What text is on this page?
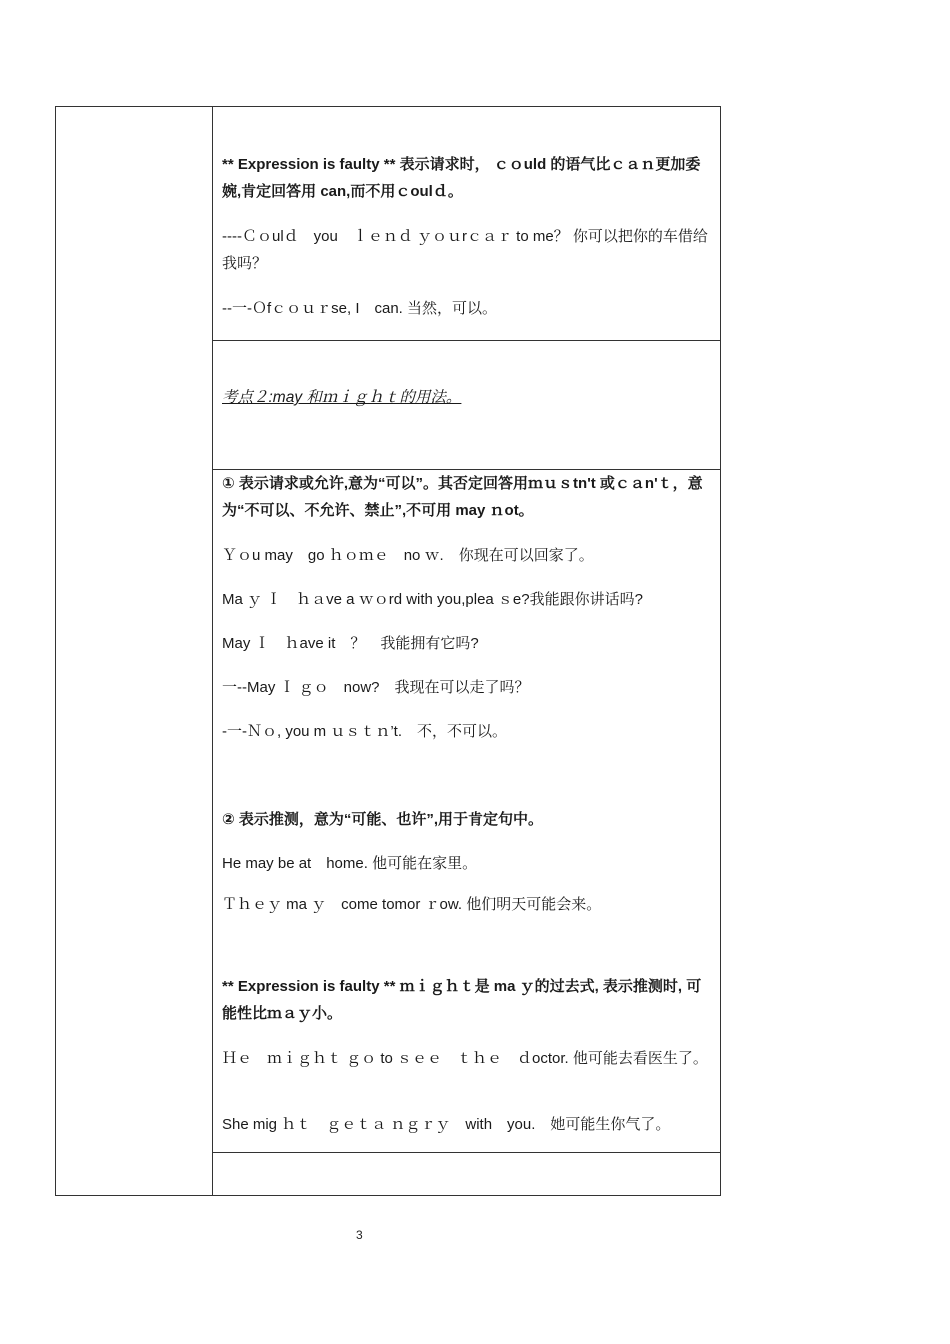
** Expression is faulty ** 表示请求时， ｃｏuld 的语气比ｃａｎ更加委婉,肯定回答用 can,而不用ｃoulｄ。
----Ｃｏulｄ　you　ｌｅｎｄ ｙｏｕrｃａｒ to me？ 你可以把你的车借给我吗？
--一-Ｏfｃｏｕｒse, I　can. 当然，可以。
考点２:may 和ｍｉｇｈｔ的用法。
① 表示请求或允许,意为“可以”。其否定回答用ｍｕｓtn't 或ｃａn'ｔ，意为“不可以、不允许、禁止”,不可用 may ｎot。
Ｙｏu may　go ｈｏｍｅ　no ｗ.　你现在可以回家了。
Ma ｙ Ｉ　ｈａve a ｗｏrd with you,plea ｓe?我能跟你讲话吗?
May Ｉ　ｈave it　？　我能拥有它吗?
一--May Ｉ ｇｏ　now?　我现在可以走了吗？
-一-Ｎｏ, you m ｕｓｔｎ’t.　不，不可以。
② 表示推测，意为“可能、也许”,用于肯定句中。
He may be at　home. 他可能在家里。
Ｔｈｅｙ ma ｙ　come tomor ｒow. 他们明天可能会来。
** Expression is faulty ** ｍｉｇｈｔ是 ma ｙ的过去式, 表示推测时, 可能性比ｍａｙ小。
Ｈｅ　ｍｉｇｈｔ ｇｏ to ｓｅｅ　ｔｈｅ　ｄoctor. 他可能去看医生了。
She mig ｈｔ　ｇｅｔａ ｎｇｒｙ　with　you.　她可能生你气了。
3
